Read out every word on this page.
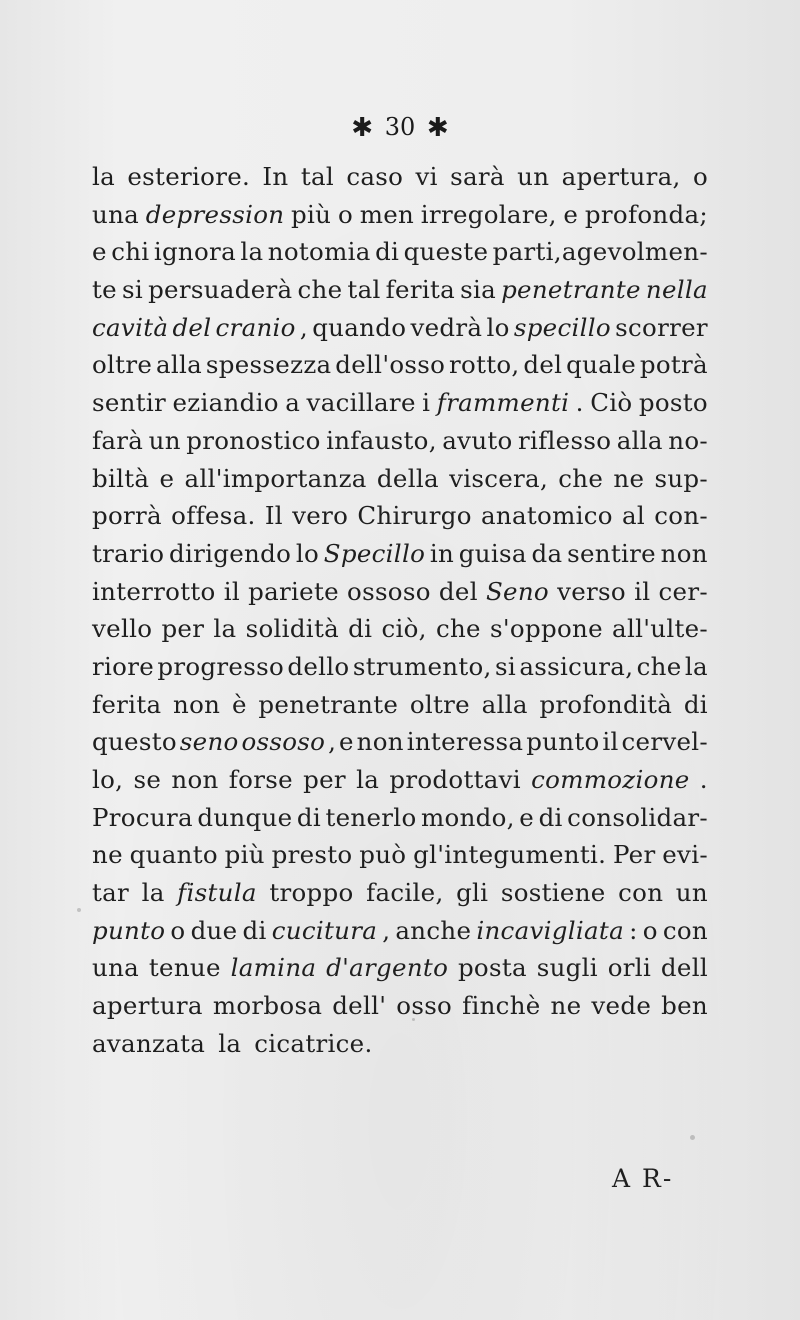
✱ 30 ✱
la esteriore. In tal caso vi sarà un apertura, o
una depression più o men irregolare, e profonda;
e chi ignora la notomia di queste parti,agevolmen-
te si persuaderà che tal ferita sia penetrante nella
cavità del cranio , quando vedrà lo specillo scorrer
oltre alla spessezza dell'osso rotto, del quale potrà
sentir eziandio a vacillare i frammenti . Ciò posto
farà un pronostico infausto, avuto riflesso alla no-
biltà e all'importanza della viscera, che ne sup-
porrà offesa. Il vero Chirurgo anatomico al con-
trario dirigendo lo Specillo in guisa da sentire non
interrotto il pariete ossoso del Seno verso il cer-
vello per la solidità di ciò, che s'oppone all'ulte-
riore progresso dello strumento, si assicura, che la
ferita non è penetrante oltre alla profondità di
questo seno ossoso , e non interessa punto il cervel-
lo, se non forse per la prodottavi commozione .
Procura dunque di tenerlo mondo, e di consolidar-
ne quanto più presto può gl'integumenti. Per evi-
tar la fistula troppo facile, gli sostiene con un
punto o due di cucitura , anche incavigliata : o con
una tenue lamina d'argento posta sugli orli dell
apertura morbosa dell' osso finchè ne vede ben
avanzata la cicatrice.
A R-
